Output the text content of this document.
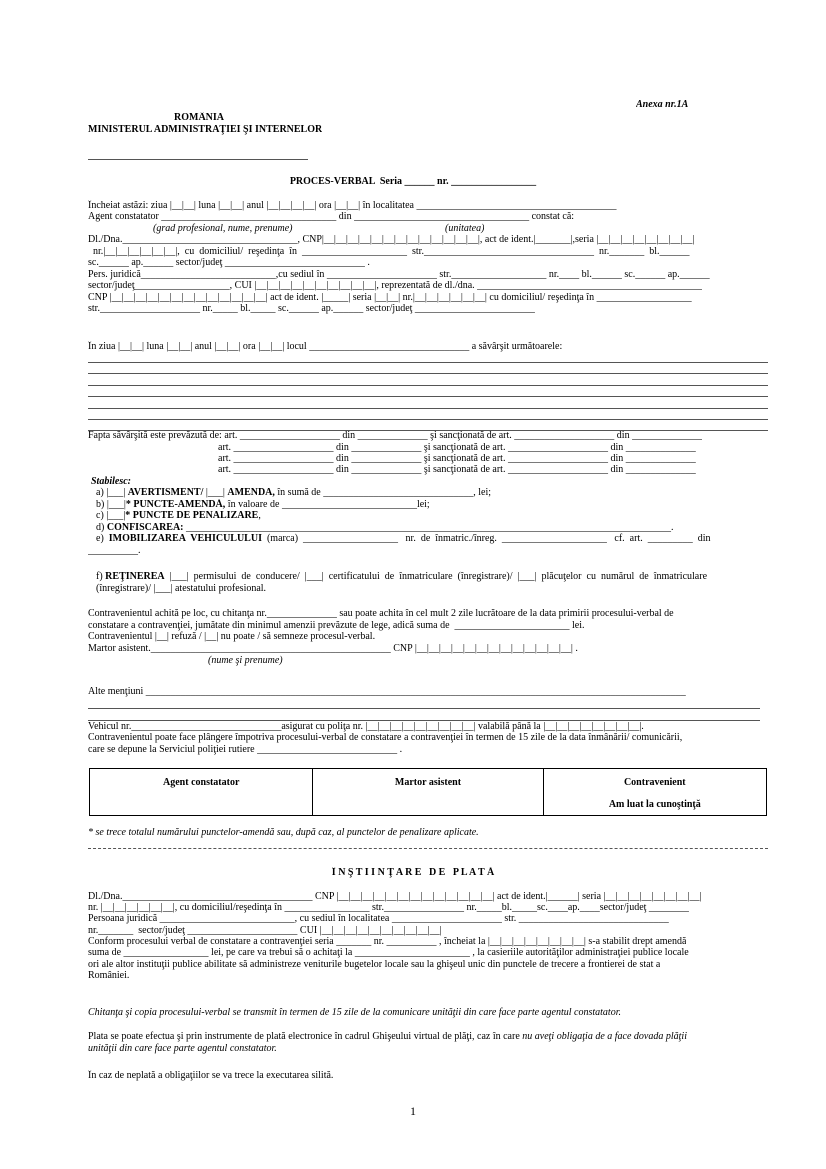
Anexa nr.1A
ROMÂNIA
MINISTERUL ADMINISTRAŢIEI ŞI INTERNELOR
PROCES-VERBAL  Seria ______ nr. _________________
Încheiat astăzi: ziua |__|__| luna |__|__| anul |__|__|__|__| ora |__|__| în localitatea ________________________________________
Agent constatator ___________________________________ din ___________________________________ constat că:
(grad profesional, nume, prenume)                                                             (unitatea)
Dl./Dna.___________________________________, CNP|__|__|__|__|__|__|__|__|__|__|__|__|__|, act de ident.|_______|,seria |__|__|__|__|__|__|__|__|
nr.|__|__|__|__|__|__|,  cu  domiciliul/  reşedinţa  în  _____________________  str.__________________________________  nr._______  bl.______
sc.______ ap.______ sector/judeţ ____________________________ .
Pers. juridică___________________________,cu sediul în ______________________ str.___________________ nr.____ bl.______ sc.______ ap.______
sector/judeţ___________________, CUI |__|__|__|__|__|__|__|__|__|__|, reprezentată de dl./dna. _____________________________________________
CNP |__|__|__|__|__|__|__|__|__|__|__|__|__| act de ident. |_____| seria |__|__| nr.|__|__|__|__|__|__| cu domiciliul/ reşedinţa în ___________________
str.____________________ nr._____ bl._____ sc.______ ap.______ sector/judeţ ________________________
În ziua |__|__| luna |__|__| anul |__|__| ora |__|__| locul ________________________________ a săvârşit următoarele:
Fapta săvârşită este prevăzută de: art. ____________________ din ______________ şi sancţionată de art. ____________________ din ______________
art. ____________________ din ______________ şi sancţionată de art. ____________________ din ______________
art. ____________________ din ______________ şi sancţionată de art. ____________________ din ______________
art. ____________________ din ______________ şi sancţionată de art. ____________________ din ______________
Stabilesc:
a) |___| AVERTISMENT/ |___| AMENDA, în sumă de ______________________________, lei;
b) |___|* PUNCTE-AMENDĂ, în valoare de ___________________________lei;
c) |___|* PUNCTE DE PENALIZARE,
d) CONFISCAREA: _________________________________________________________________________________________________.
e)  IMOBILIZAREA  VEHICULULUI  (marca)  ___________________   nr.  de  înmatric./înreg.  _____________________   cf.  art.  _________  din
__________.
f) REŢINEREA  |___|  permisului  de  conducere/  |___|  certificatului  de  înmatriculare  (înregistrare)/  |___|  plăcuţelor  cu  numărul  de  înmatriculare
(înregistrare)/ |___| atestatului profesional.
Contravenientul achită pe loc, cu chitanţa nr.______________ sau poate achita în cel mult 2 zile lucrătoare de la data primirii procesului-verbal de
constatare a contravenţiei, jumătate din minimul amenzii prevăzute de lege, adică suma de  _______________________ lei.
Contravenientul |__| refuză / |__| nu poate / să semneze procesul-verbal.
Martor asistent.________________________________________________ CNP |__|__|__|__|__|__|__|__|__|__|__|__|__| .
(nume şi prenume)
Alte menţiuni ____________________________________________________________________________________________________________
Vehicul nr.______________________________asigurat cu poliţa nr. |__|__|__|__|__|__|__|__|__| valabilă până la |__|__|__|__|__|__|__|__|.
Contravenientul poate face plângere împotriva procesului-verbal de constatare a contravenţiei în termen de 15 zile de la data înmânării/ comunicării,
care se depune la Serviciul poliţiei rutiere ____________________________ .
Agent constatator	Martor asistent	Contravenient

Am luat la cunoştinţă
* se trece totalul numărului punctelor-amendă sau, după caz, al punctelor de penalizare aplicate.
Î N Ş T I I N Ţ A R E   D E   P L A T Ă
Dl./Dna.______________________________________ CNP |__|__|__|__|__|__|__|__|__|__|__|__|__| act de ident.|______| seria |__|__|__|__|__|__|__|__|
nr. |__|__|__|__|__|__|, cu domiciliul/reşedinţa în _________________ str.________________ nr._____bl._____sc.____ap.____sector/judeţ ________
Persoana juridică ___________________________, cu sediul în localitatea ______________________ str. ______________________________
nr._______  sector/judeţ ______________________ CUI |__|__|__|__|__|__|__|__|__|__|
Conform procesului verbal de constatare a contravenţiei seria _______ nr. __________ , încheiat la |__|__|__|__|__|__|__|__| s-a stabilit drept amendă
suma de _________________ lei, pe care va trebui să o achitaţi la _______________________ , la casieriile autorităţilor administraţiei publice locale
ori ale altor instituţii publice abilitate să administreze veniturile bugetelor locale sau la ghişeul unic din punctele de trecere a frontierei de stat a
României.
Chitanţa şi copia procesului-verbal se transmit în termen de 15 zile de la comunicare unităţii din care face parte agentul constatator.
Plata se poate efectua şi prin instrumente de plată electronice în cadrul Ghişeului virtual de plăţi, caz în care nu aveţi obligaţia de a face dovada plăţii
unităţii din care face parte agentul constatator.
În caz de neplată a obligaţiilor se va trece la executarea silită.
1
